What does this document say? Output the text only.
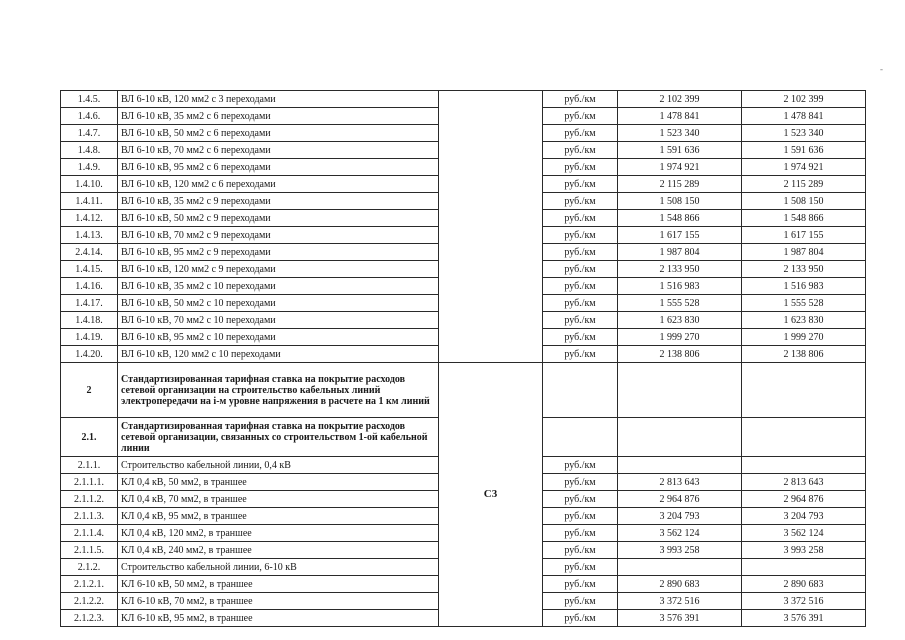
-
1.4.5.	ВЛ 6-10 кВ, 120 мм2 с 3 переходами		руб./км	2 102 399	2 102 399
1.4.6.	ВЛ 6-10 кВ, 35 мм2 с 6 переходами		руб./км	1 478 841	1 478 841
1.4.7.	ВЛ 6-10 кВ, 50 мм2 с 6 переходами		руб./км	1 523 340	1 523 340
1.4.8.	ВЛ 6-10 кВ, 70 мм2 с 6 переходами		руб./км	1 591 636	1 591 636
1.4.9.	ВЛ 6-10 кВ, 95 мм2 с 6 переходами		руб./км	1 974 921	1 974 921
1.4.10.	ВЛ 6-10 кВ, 120 мм2 с 6 переходами		руб./км	2 115 289	2 115 289
1.4.11.	ВЛ 6-10 кВ, 35 мм2 с 9 переходами		руб./км	1 508 150	1 508 150
1.4.12.	ВЛ 6-10 кВ, 50 мм2 с 9 переходами		руб./км	1 548 866	1 548 866
1.4.13.	ВЛ 6-10 кВ, 70 мм2 с 9 переходами		руб./км	1 617 155	1 617 155
2.4.14.	ВЛ 6-10 кВ, 95 мм2 с 9 переходами		руб./км	1 987 804	1 987 804
1.4.15.	ВЛ 6-10 кВ, 120 мм2 с 9 переходами		руб./км	2 133 950	2 133 950
1.4.16.	ВЛ 6-10 кВ, 35 мм2 с 10 переходами		руб./км	1 516 983	1 516 983
1.4.17.	ВЛ 6-10 кВ, 50 мм2 с 10 переходами		руб./км	1 555 528	1 555 528
1.4.18.	ВЛ 6-10 кВ, 70 мм2 с 10 переходами		руб./км	1 623 830	1 623 830
1.4.19.	ВЛ 6-10 кВ, 95 мм2 с 10 переходами		руб./км	1 999 270	1 999 270
1.4.20.	ВЛ 6-10 кВ, 120 мм2 с 10 переходами		руб./км	2 138 806	2 138 806
2	Стандартизированная тарифная ставка на покрытие расходов сетевой организации на строительство кабельных линий электропередачи на i-м уровне напряжения в расчете на 1 км линий	C3			
2.1.	Стандартизированная тарифная ставка на покрытие расходов сетевой организации, связанных со строительством 1-ой кабельной линии				
2.1.1.	Строительство кабельной линии, 0,4 кВ		руб./км		
2.1.1.1.	КЛ 0,4 кВ, 50 мм2, в траншее		руб./км	2 813 643	2 813 643
2.1.1.2.	КЛ 0,4 кВ, 70 мм2, в траншее		руб./км	2 964 876	2 964 876
2.1.1.3.	КЛ 0,4 кВ, 95 мм2, в траншее		руб./км	3 204 793	3 204 793
2.1.1.4.	КЛ 0,4 кВ, 120 мм2, в траншее		руб./км	3 562 124	3 562 124
2.1.1.5.	КЛ 0,4 кВ, 240 мм2, в траншее		руб./км	3 993 258	3 993 258
2.1.2.	Строительство кабельной линии, 6-10 кВ		руб./км		
2.1.2.1.	КЛ 6-10 кВ, 50 мм2, в траншее		руб./км	2 890 683	2 890 683
2.1.2.2.	КЛ 6-10 кВ, 70 мм2, в траншее		руб./км	3 372 516	3 372 516
2.1.2.3.	КЛ 6-10 кВ, 95 мм2, в траншее		руб./км	3 576 391	3 576 391
